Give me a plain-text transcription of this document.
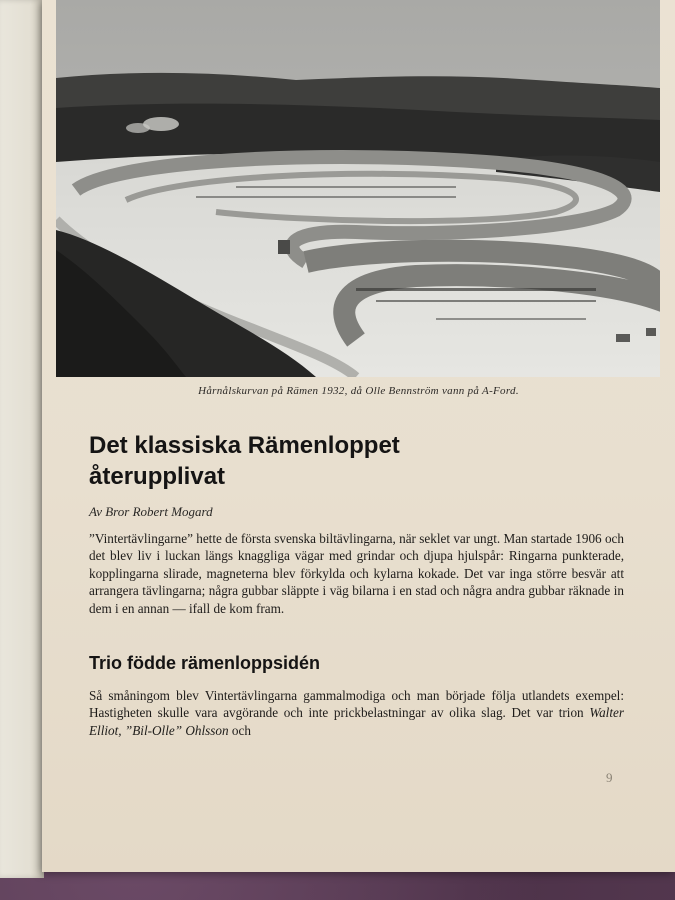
Hårnålskurvan på Rämen 1932, då Olle Bennström vann på A-Ford.
Det klassiska Rämenloppet
återupplivat
Av Bror Robert Mogard
”Vintertävlingarne” hette de första svenska biltävlingarna, när seklet var ungt. Man startade 1906 och det blev liv i luckan längs knaggliga vägar med grindar och djupa hjulspår: Ringarna punkterade, kopplingarna slirade, magneterna blev förkylda och kylarna kokade. Det var inga större besvär att arrangera tävlingarna; några gubbar släppte i väg bilarna i en stad och några andra gubbar räknade in dem i en annan — ifall de kom fram.
Trio födde rämenloppsidén
Så småningom blev Vintertävlingarna gammalmodiga och man började följa utlandets exempel: Hastigheten skulle vara avgörande och inte prickbelastningar av olika slag. Det var trion Walter Elliot, ”Bil-Olle” Ohlsson och
9
